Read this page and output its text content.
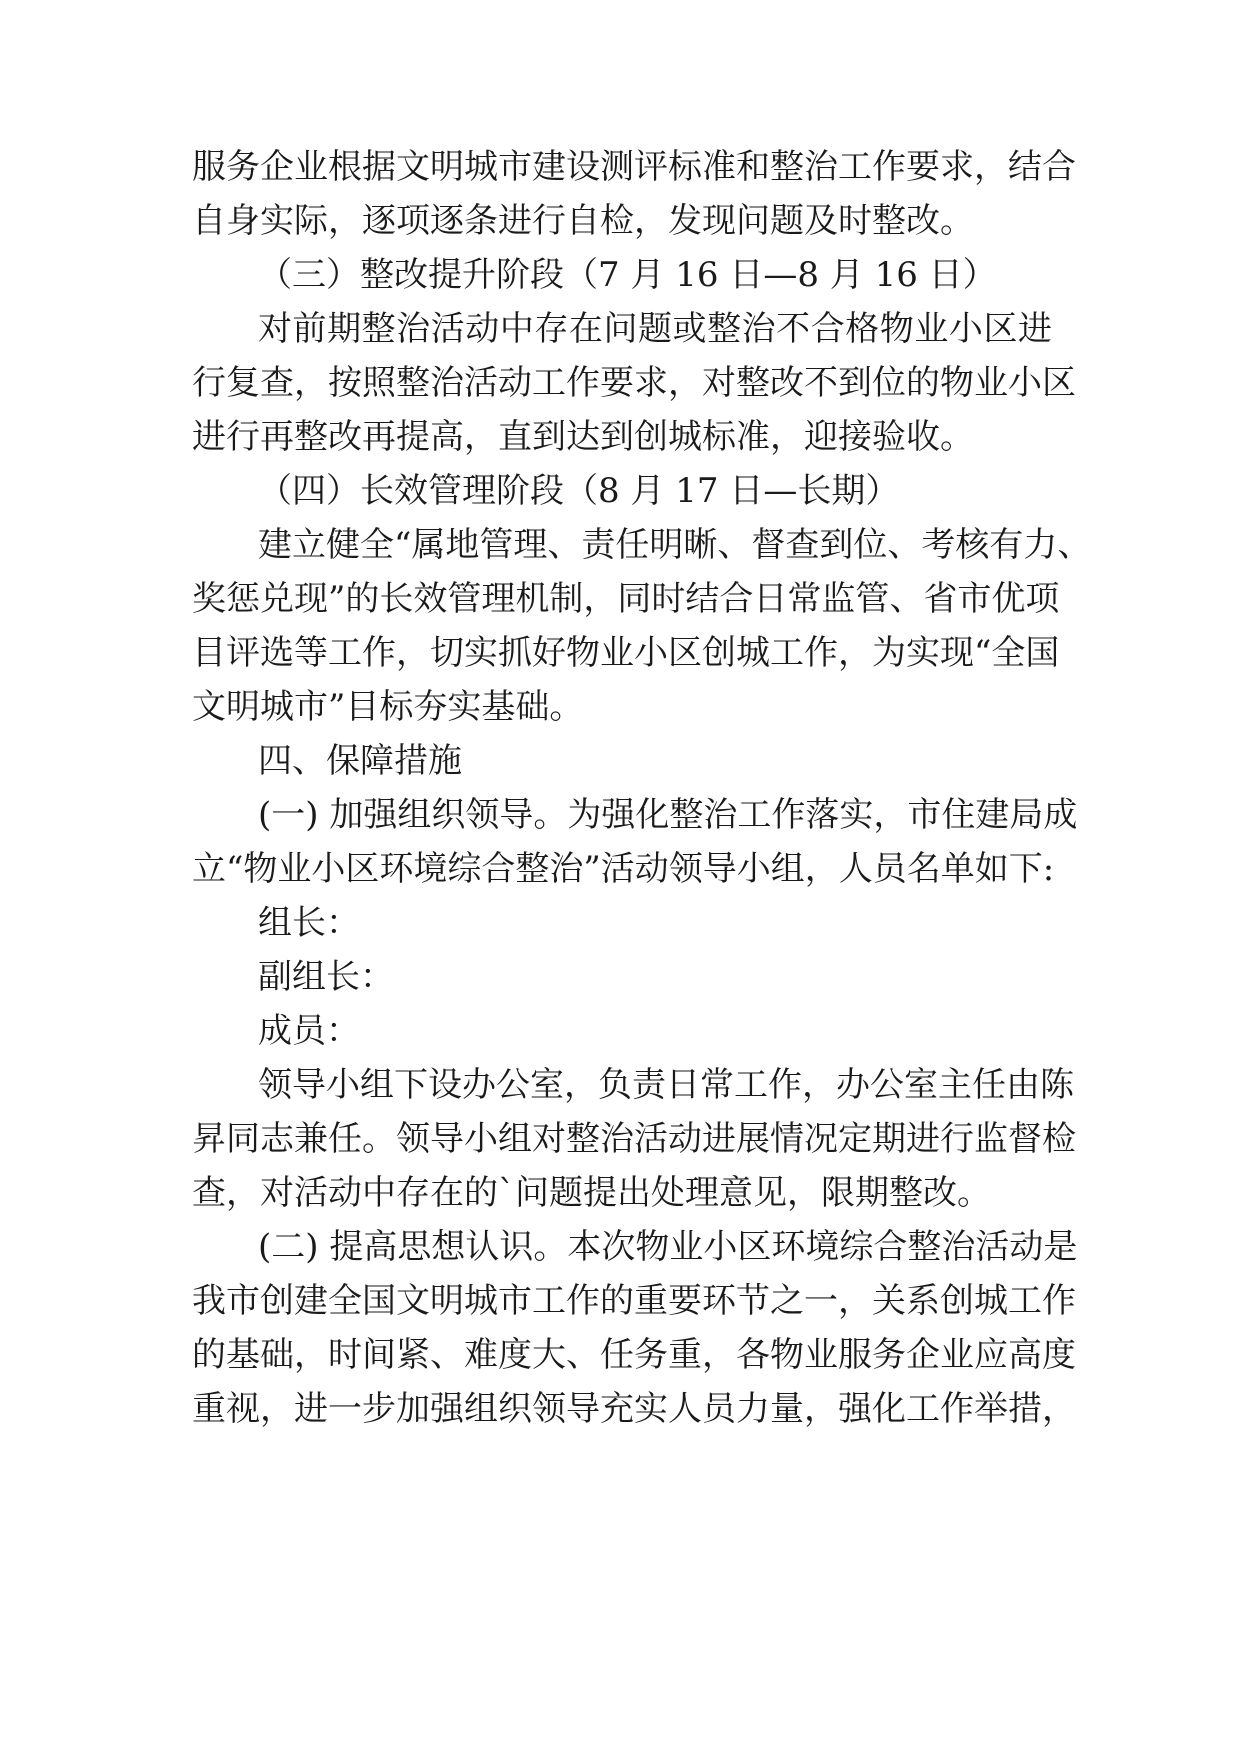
服务企业根据文明城市建设测评标准和整治工作要求，结合
自身实际，逐项逐条进行自检，发现问题及时整改。
（三）整改提升阶段（7 月 16 日—8 月 16 日）
对前期整治活动中存在问题或整治不合格物业小区进
行复查，按照整治活动工作要求，对整改不到位的物业小区
进行再整改再提高，直到达到创城标准，迎接验收。
（四）长效管理阶段（8 月 17 日—长期）
建立健全“属地管理、责任明晰、督查到位、考核有力、
奖惩兑现”的长效管理机制，同时结合日常监管、省市优项
目评选等工作，切实抓好物业小区创城工作，为实现“全国
文明城市”目标夯实基础。
四、保障措施
(一) 加强组织领导。为强化整治工作落实，市住建局成
立“物业小区环境综合整治”活动领导小组，人员名单如下:
组长：
副组长：
成员：
领导小组下设办公室，负责日常工作，办公室主任由陈
昇同志兼任。领导小组对整治活动进展情况定期进行监督检
查，对活动中存在的`问题提出处理意见，限期整改。
(二) 提高思想认识。本次物业小区环境综合整治活动是
我市创建全国文明城市工作的重要环节之一，关系创城工作
的基础，时间紧、难度大、任务重，各物业服务企业应高度
重视，进一步加强组织领导充实人员力量，强化工作举措，
